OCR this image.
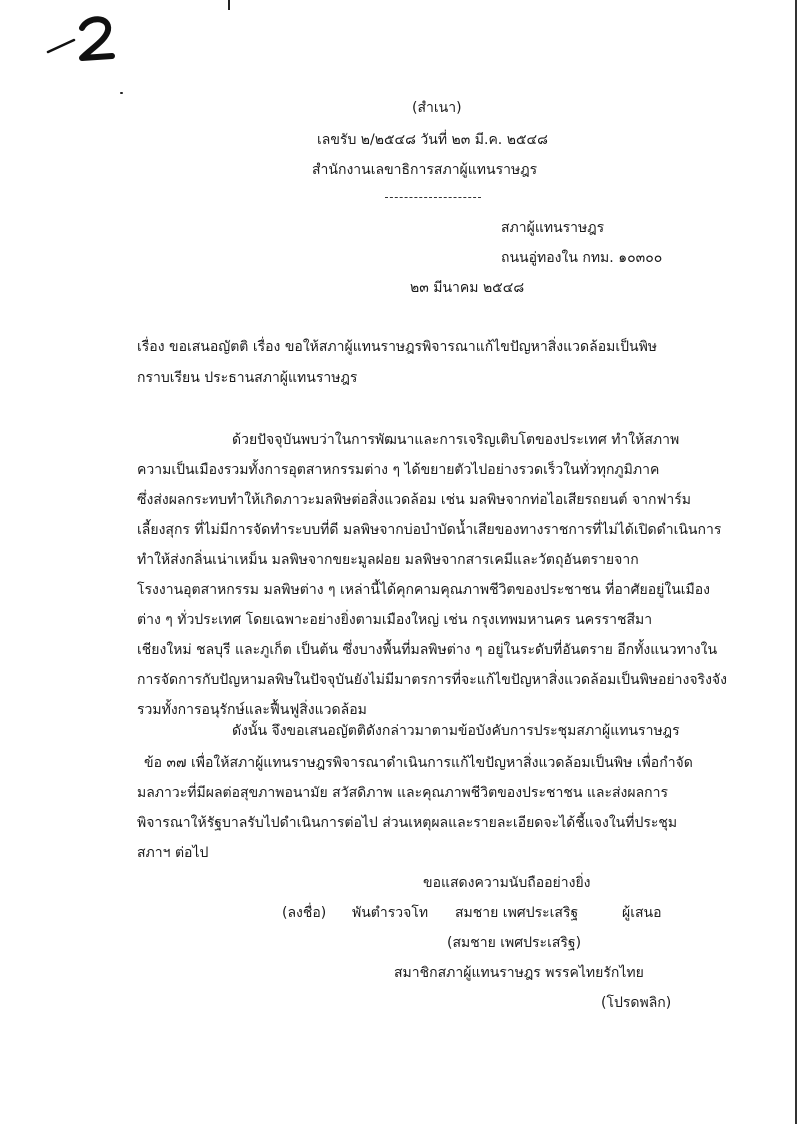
(สำเนา)
เลขรับ ๒/๒๕๔๘ วันที่ ๒๓ มี.ค. ๒๕๔๘
สำนักงานเลขาธิการสภาผู้แทนราษฎร
สภาผู้แทนราษฎร
ถนนอู่ทองใน กทม. ๑๐๓๐๐
๒๓ มีนาคม ๒๕๔๘
เรื่อง ขอเสนอญัตติ เรื่อง ขอให้สภาผู้แทนราษฎรพิจารณาแก้ไขปัญหาสิ่งแวดล้อมเป็นพิษ
กราบเรียน ประธานสภาผู้แทนราษฎร
ด้วยปัจจุบันพบว่าในการพัฒนาและการเจริญเติบโตของประเทศ ทำให้สภาพ
ความเป็นเมืองรวมทั้งการอุตสาหกรรมต่าง ๆ ได้ขยายตัวไปอย่างรวดเร็วในทั่วทุกภูมิภาค
ซึ่งส่งผลกระทบทำให้เกิดภาวะมลพิษต่อสิ่งแวดล้อม เช่น มลพิษจากท่อไอเสียรถยนต์ จากฟาร์ม
เลี้ยงสุกร ที่ไม่มีการจัดทำระบบที่ดี มลพิษจากบ่อบำบัดน้ำเสียของทางราชการที่ไม่ได้เปิดดำเนินการ
ทำให้ส่งกลิ่นเน่าเหม็น มลพิษจากขยะมูลฝอย มลพิษจากสารเคมีและวัตถุอันตรายจาก
โรงงานอุตสาหกรรม มลพิษต่าง ๆ เหล่านี้ได้คุกคามคุณภาพชีวิตของประชาชน ที่อาศัยอยู่ในเมือง
ต่าง ๆ ทั่วประเทศ โดยเฉพาะอย่างยิ่งตามเมืองใหญ่ เช่น กรุงเทพมหานคร นครราชสีมา
เชียงใหม่ ชลบุรี และภูเก็ต เป็นต้น ซึ่งบางพื้นที่มลพิษต่าง ๆ อยู่ในระดับที่อันตราย อีกทั้งแนวทางใน
การจัดการกับปัญหามลพิษในปัจจุบันยังไม่มีมาตรการที่จะแก้ไขปัญหาสิ่งแวดล้อมเป็นพิษอย่างจริงจัง
รวมทั้งการอนุรักษ์และฟื้นฟูสิ่งแวดล้อม
ดังนั้น จึงขอเสนอญัตติดังกล่าวมาตามข้อบังคับการประชุมสภาผู้แทนราษฎร
ข้อ ๓๗ เพื่อให้สภาผู้แทนราษฎรพิจารณาดำเนินการแก้ไขปัญหาสิ่งแวดล้อมเป็นพิษ เพื่อกำจัด
มลภาวะที่มีผลต่อสุขภาพอนามัย สวัสดิภาพ และคุณภาพชีวิตของประชาชน และส่งผลการ
พิจารณาให้รัฐบาลรับไปดำเนินการต่อไป ส่วนเหตุผลและรายละเอียดจะได้ชี้แจงในที่ประชุม
สภาฯ ต่อไป
ขอแสดงความนับถืออย่างยิ่ง
(ลงชื่อ) พันตำรวจโท สมชาย เพศประเสริฐ	ผู้เสนอ
(สมชาย เพศประเสริฐ)
สมาชิกสภาผู้แทนราษฎร พรรคไทยรักไทย
(โปรดพลิก)
